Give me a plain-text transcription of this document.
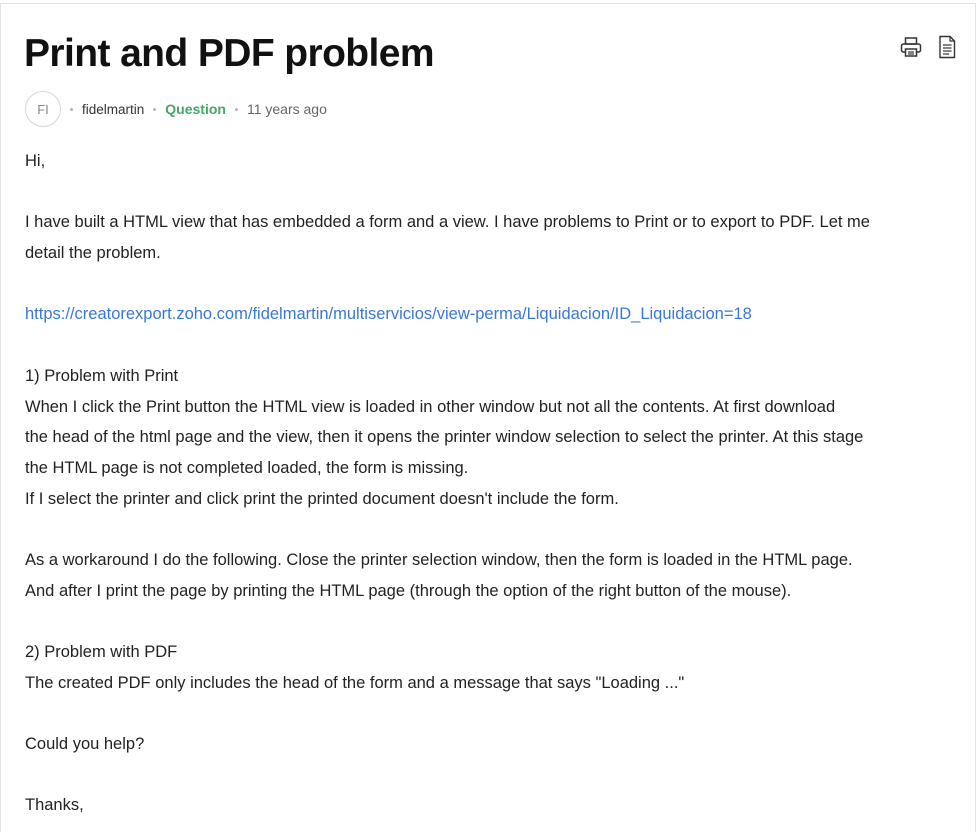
Print and PDF problem
FI	fidelmartin Question 11 years ago
Hi,
I have built a HTML view that has embedded a form and a view. I have problems to Print or to export to PDF. Let me
detail the problem.
https://creatorexport.zoho.com/fidelmartin/multiservicios/view-perma/Liquidacion/ID_Liquidacion=18
1) Problem with Print
When I click the Print button the HTML view is loaded in other window but not all the contents. At first download
the head of the html page and the view, then it opens the printer window selection to select the printer. At this stage
the HTML page is not completed loaded, the form is missing.
If I select the printer and click print the printed document doesn't include the form.
As a workaround I do the following. Close the printer selection window, then the form is loaded in the HTML page.
And after I print the page by printing the HTML page (through the option of the right button of the mouse).
2) Problem with PDF
The created PDF only includes the head of the form and a message that says "Loading ..."
Could you help?
Thanks,
